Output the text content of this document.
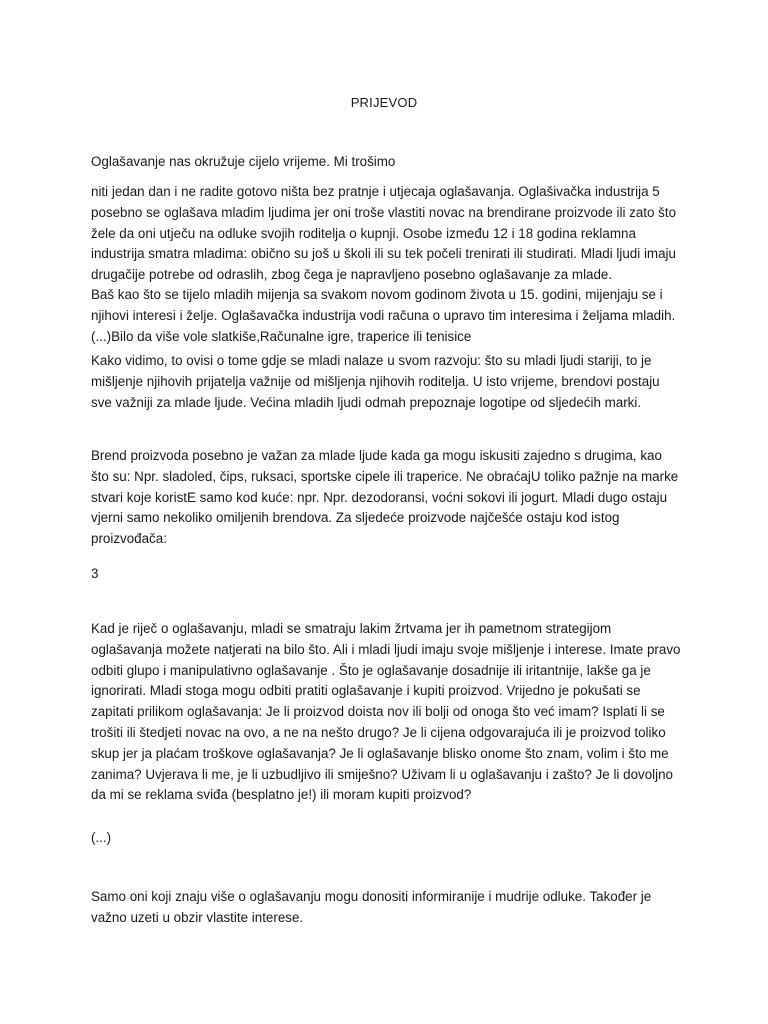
PRIJEVOD

Oglašavanje nas okružuje cijelo vrijeme. Mi trošimo

niti jedan dan i ne radite gotovo ništa bez pratnje i utjecaja oglašavanja. Oglašivačka industrija 5 posebno se oglašava mladim ljudima jer oni troše vlastiti novac na brendirane proizvode ili zato što žele da oni utječu na odluke svojih roditelja o kupnji. Osobe između 12 i 18 godina reklamna industrija smatra mladima: obično su još u školi ili su tek počeli trenirati ili studirati. Mladi ljudi imaju drugačije potrebe od odraslih, zbog čega je napravljeno posebno oglašavanje za mlade.

Baš kao što se tijelo mladih mijenja sa svakom novom godinom života u 15. godini, mijenjaju se i njihovi interesi i želje. Oglašavačka industrija vodi računa o upravo tim interesima i željama mladih. (...)Bilo da više vole slatkiše,Računalne igre, traperice ili tenisice

Kako vidimo, to ovisi o tome gdje se mladi nalaze u svom razvoju: što su mladi ljudi stariji, to je mišljenje njihovih prijatelja važnije od mišljenja njihovih roditelja. U isto vrijeme, brendovi postaju sve važniji za mlade ljude. Većina mladih ljudi odmah prepoznaje logotipe od sljedećih marki.

Brend proizvoda posebno je važan za mlade ljude kada ga mogu iskusiti zajedno s drugima, kao što su: Npr. sladoled, čips, ruksaci, sportske cipele ili traperice. Ne obraćajU toliko pažnje na marke stvari koje koristE samo kod kuće: npr. Npr. dezodoransi, voćni sokovi ili jogurt. Mladi dugo ostaju vjerni samo nekoliko omiljenih brendova. Za sljedeće proizvode najčešće ostaju kod istog proizvođača:

3

Kad je riječ o oglašavanju, mladi se smatraju lakim žrtvama jer ih pametnom strategijom oglašavanja možete natjerati na bilo što. Ali i mladi ljudi imaju svoje mišljenje i interese. Imate pravo odbiti glupo i manipulativno oglašavanje . Što je oglašavanje dosadnije ili iritantnije, lakše ga je ignorirati. Mladi stoga mogu odbiti pratiti oglašavanje i kupiti proizvod. Vrijedno je pokušati se zapitati prilikom oglašavanja: Je li proizvod doista nov ili bolji od onoga što već imam? Isplati li se trošiti ili štedjeti novac na ovo, a ne na nešto drugo? Je li cijena odgovarajuća ili je proizvod toliko skup jer ja plaćam troškove oglašavanja? Je li oglašavanje blisko onome što znam, volim i što me zanima? Uvjerava li me, je li uzbudljivo ili smiješno? Uživam li u oglašavanju i zašto? Je li dovoljno da mi se reklama sviđa (besplatno je!) ili moram kupiti proizvod?

(...)

Samo oni koji znaju više o oglašavanju mogu donositi informiranije i mudrije odluke. Također je važno uzeti u obzir vlastite interese.
